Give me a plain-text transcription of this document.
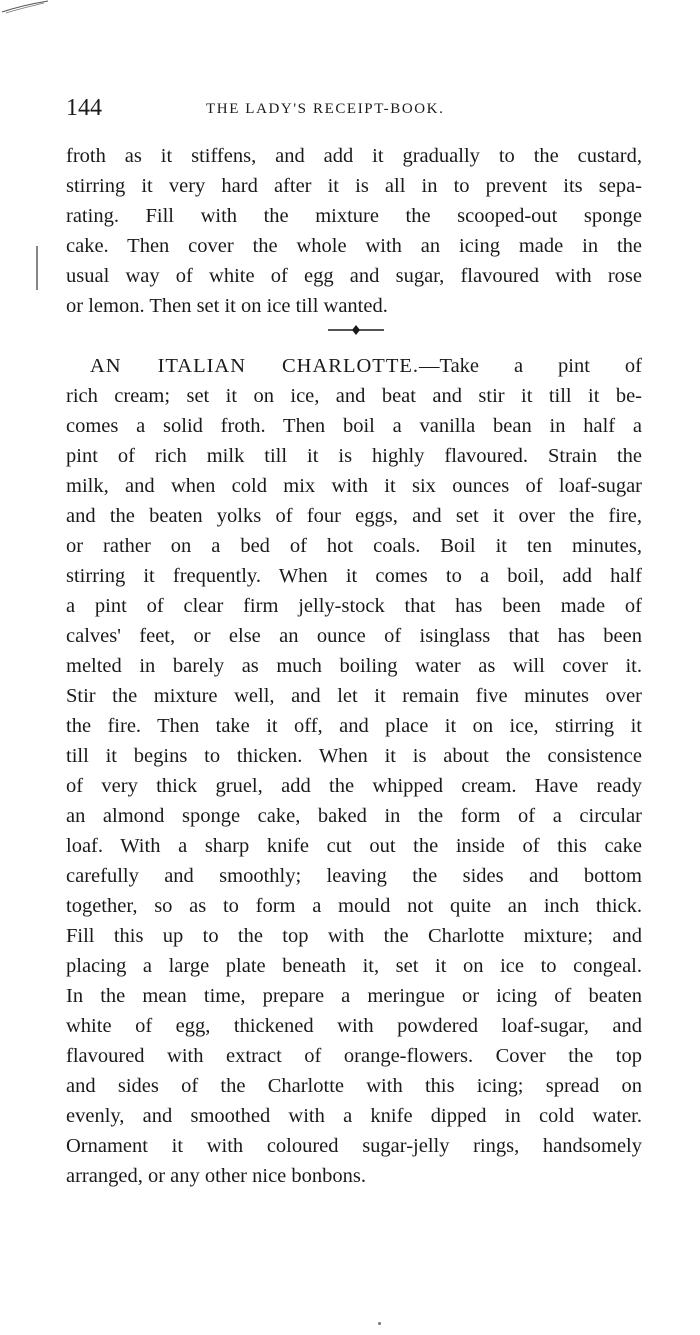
144	THE LADY'S RECEIPT-BOOK.
froth as it stiffens, and add it gradually to the custard,
stirring it very hard after it is all in to prevent its sepa-
rating. Fill with the mixture the scooped-out sponge
cake. Then cover the whole with an icing made in the
usual way of white of egg and sugar, flavoured with rose
or lemon. Then set it on ice till wanted.
AN ITALIAN CHARLOTTE.—Take a pint of
rich cream; set it on ice, and beat and stir it till it be-
comes a solid froth. Then boil a vanilla bean in half a
pint of rich milk till it is highly flavoured. Strain the
milk, and when cold mix with it six ounces of loaf-sugar
and the beaten yolks of four eggs, and set it over the fire,
or rather on a bed of hot coals. Boil it ten minutes,
stirring it frequently. When it comes to a boil, add half
a pint of clear firm jelly-stock that has been made of
calves' feet, or else an ounce of isinglass that has been
melted in barely as much boiling water as will cover it.
Stir the mixture well, and let it remain five minutes over
the fire. Then take it off, and place it on ice, stirring it
till it begins to thicken. When it is about the consistence
of very thick gruel, add the whipped cream. Have ready
an almond sponge cake, baked in the form of a circular
loaf. With a sharp knife cut out the inside of this cake
carefully and smoothly; leaving the sides and bottom
together, so as to form a mould not quite an inch thick.
Fill this up to the top with the Charlotte mixture; and
placing a large plate beneath it, set it on ice to congeal.
In the mean time, prepare a meringue or icing of beaten
white of egg, thickened with powdered loaf-sugar, and
flavoured with extract of orange-flowers. Cover the top
and sides of the Charlotte with this icing; spread on
evenly, and smoothed with a knife dipped in cold water.
Ornament it with coloured sugar-jelly rings, handsomely
arranged, or any other nice bonbons.
